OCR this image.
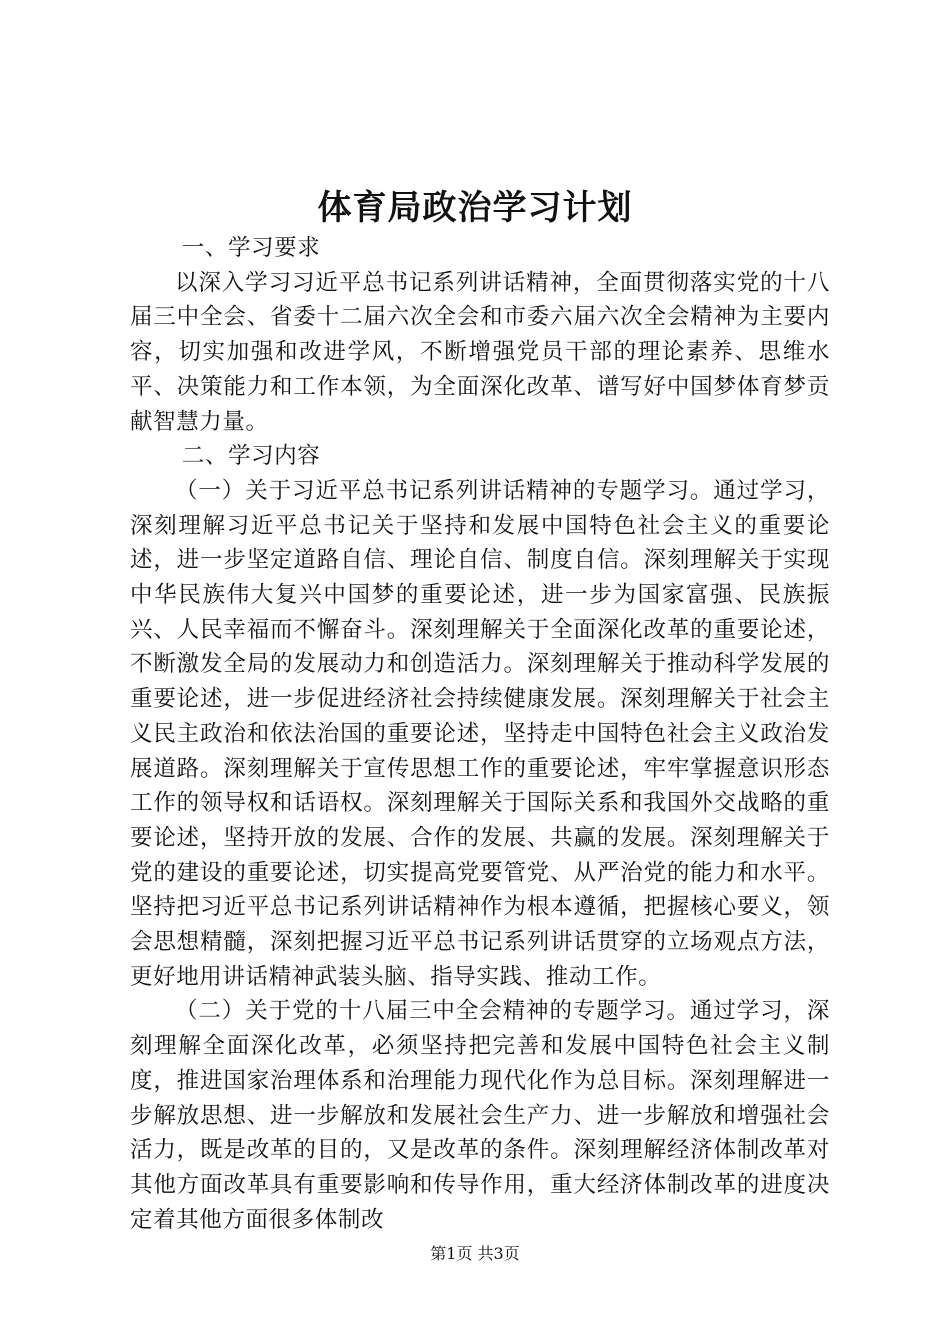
体育局政治学习计划

一、学习要求

以深入学习习近平总书记系列讲话精神，全面贯彻落实党的十八届三中全会、省委十二届六次全会和市委六届六次全会精神为主要内容，切实加强和改进学风，不断增强党员干部的理论素养、思维水平、决策能力和工作本领，为全面深化改革、谱写好中国梦体育梦贡献智慧力量。

二、学习内容

（一）关于习近平总书记系列讲话精神的专题学习。通过学习，深刻理解习近平总书记关于坚持和发展中国特色社会主义的重要论述，进一步坚定道路自信、理论自信、制度自信。深刻理解关于实现中华民族伟大复兴中国梦的重要论述，进一步为国家富强、民族振兴、人民幸福而不懈奋斗。深刻理解关于全面深化改革的重要论述，不断激发全局的发展动力和创造活力。深刻理解关于推动科学发展的重要论述，进一步促进经济社会持续健康发展。深刻理解关于社会主义民主政治和依法治国的重要论述，坚持走中国特色社会主义政治发展道路。深刻理解关于宣传思想工作的重要论述，牢牢掌握意识形态工作的领导权和话语权。深刻理解关于国际关系和我国外交战略的重要论述，坚持开放的发展、合作的发展、共赢的发展。深刻理解关于党的建设的重要论述，切实提高党要管党、从严治党的能力和水平。坚持把习近平总书记系列讲话精神作为根本遵循，把握核心要义，领会思想精髓，深刻把握习近平总书记系列讲话贯穿的立场观点方法，更好地用讲话精神武装头脑、指导实践、推动工作。

（二）关于党的十八届三中全会精神的专题学习。通过学习，深刻理解全面深化改革，必须坚持把完善和发展中国特色社会主义制度，推进国家治理体系和治理能力现代化作为总目标。深刻理解进一步解放思想、进一步解放和发展社会生产力、进一步解放和增强社会活力，既是改革的目的，又是改革的条件。深刻理解经济体制改革对其他方面改革具有重要影响和传导作用，重大经济体制改革的进度决定着其他方面很多体制改

第1页 共3页
